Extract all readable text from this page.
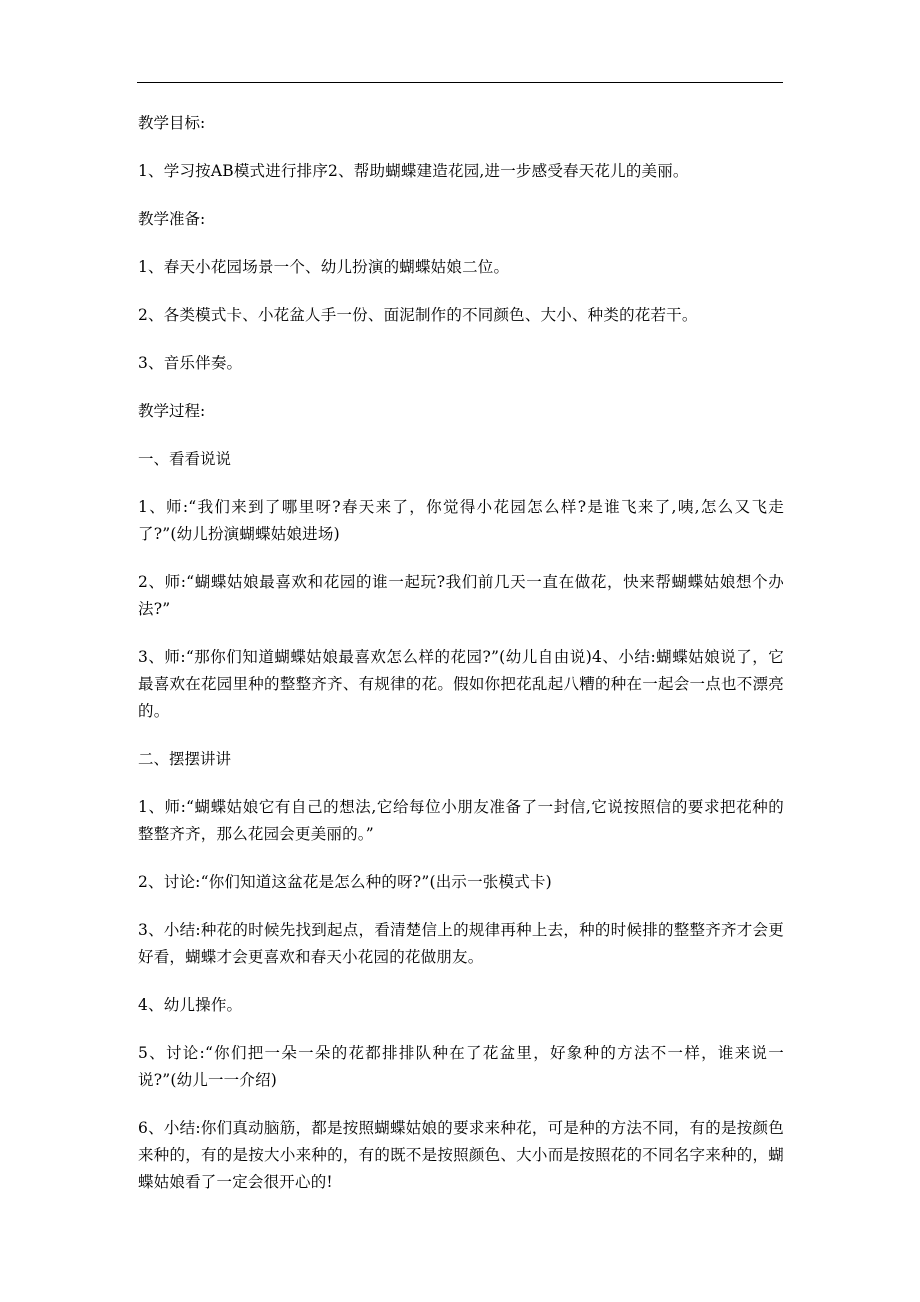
教学目标:

1、学习按AB模式进行排序2、帮助蝴蝶建造花园,进一步感受春天花儿的美丽。

教学准备:

1、春天小花园场景一个、幼儿扮演的蝴蝶姑娘二位。

2、各类模式卡、小花盆人手一份、面泥制作的不同颜色、大小、种类的花若干。

3、音乐伴奏。

教学过程:

一、看看说说

1、师:“我们来到了哪里呀?春天来了，你觉得小花园怎么样?是谁飞来了,咦,怎么又飞走了?”(幼儿扮演蝴蝶姑娘进场)

2、师:“蝴蝶姑娘最喜欢和花园的谁一起玩?我们前几天一直在做花，快来帮蝴蝶姑娘想个办法?”

3、师:“那你们知道蝴蝶姑娘最喜欢怎么样的花园?”(幼儿自由说)4、小结:蝴蝶姑娘说了，它最喜欢在花园里种的整整齐齐、有规律的花。假如你把花乱起八糟的种在一起会一点也不漂亮的。

二、摆摆讲讲

1、师:“蝴蝶姑娘它有自己的想法,它给每位小朋友准备了一封信,它说按照信的要求把花种的整整齐齐，那么花园会更美丽的。”

2、讨论:“你们知道这盆花是怎么种的呀?”(出示一张模式卡)

3、小结:种花的时候先找到起点，看清楚信上的规律再种上去，种的时候排的整整齐齐才会更好看，蝴蝶才会更喜欢和春天小花园的花做朋友。

4、幼儿操作。

5、讨论:“你们把一朵一朵的花都排排队种在了花盆里，好象种的方法不一样，谁来说一说?”(幼儿一一介绍)

6、小结:你们真动脑筋，都是按照蝴蝶姑娘的要求来种花，可是种的方法不同，有的是按颜色来种的，有的是按大小来种的，有的既不是按照颜色、大小而是按照花的不同名字来种的，蝴蝶姑娘看了一定会很开心的!
